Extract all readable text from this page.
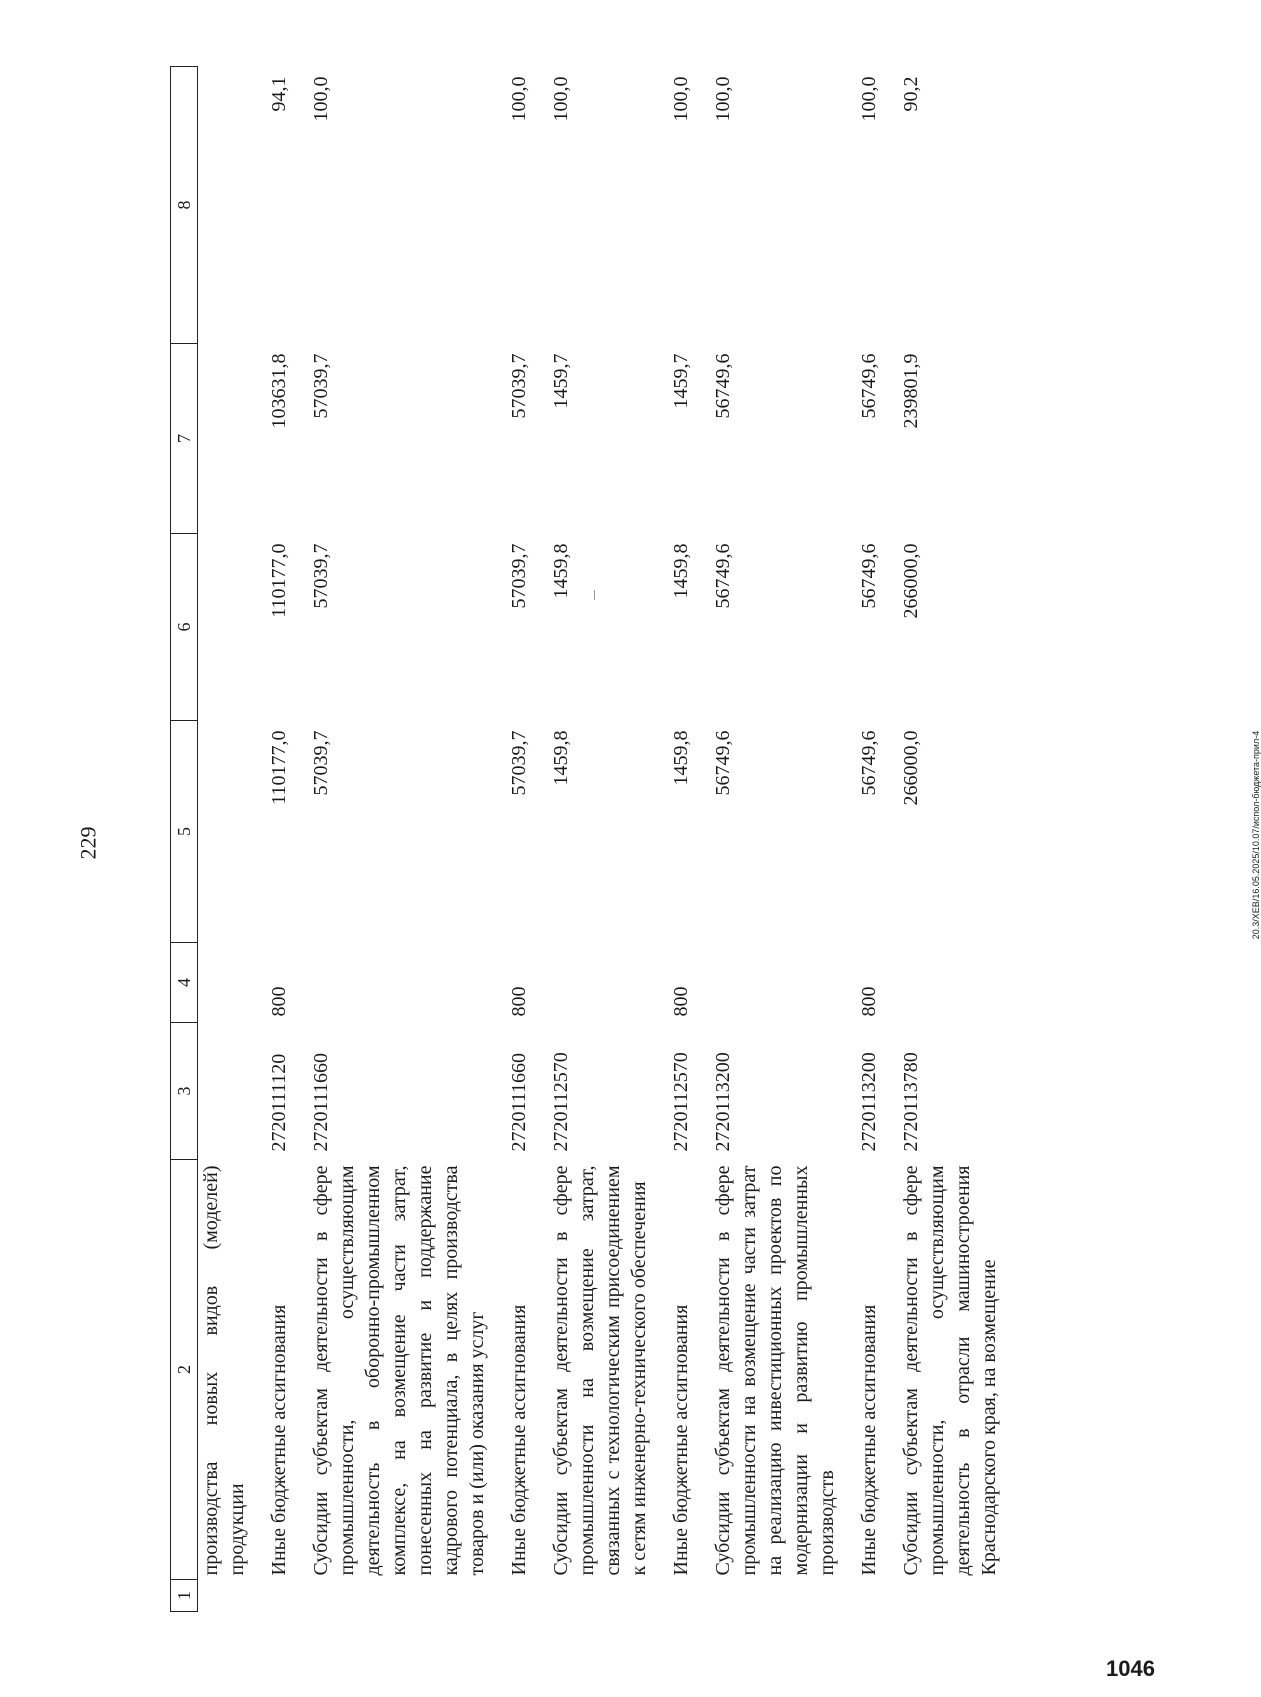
229	20.3/ХЕВ/16.05.2025/10.07/испол-бюджета-прил-4
1046
1	2	3	4	5	6	7	8
	производства новых видов (моделей) продукции						

	Иные бюджетные ассигнования	2720111120	800	110177,0	110177,0	103631,8	94,1

	Субсидии субъектам деятельности в сфере промышленности, осуществляющим деятельность в оборонно-промышленном комплексе, на возмещение части затрат, понесенных на развитие и поддержание кадрового потенциала, в целях производства товаров и (или) оказания услуг	2720111660		57039,7	57039,7	57039,7	100,0

	Иные бюджетные ассигнования	2720111660	800	57039,7	57039,7	57039,7	100,0

	Субсидии субъектам деятельности в сфере промышленности на возмещение затрат, связанных с технологическим присоединением к сетям инженерно-технического обеспечения	2720112570		1459,8	1459,8	1459,7	100,0

	Иные бюджетные ассигнования	2720112570	800	1459,8	1459,8	1459,7	100,0

	Субсидии субъектам деятельности в сфере промышленности на возмещение части затрат на реализацию инвестиционных проектов по модернизации и развитию промышленных производств	2720113200		56749,6	56749,6	56749,6	100,0

	Иные бюджетные ассигнования	2720113200	800	56749,6	56749,6	56749,6	100,0

	Субсидии субъектам деятельности в сфере промышленности, осуществляющим деятельность в отрасли машиностроения Краснодарского края, на возмещение	2720113780		266000,0	266000,0	239801,9	90,2
